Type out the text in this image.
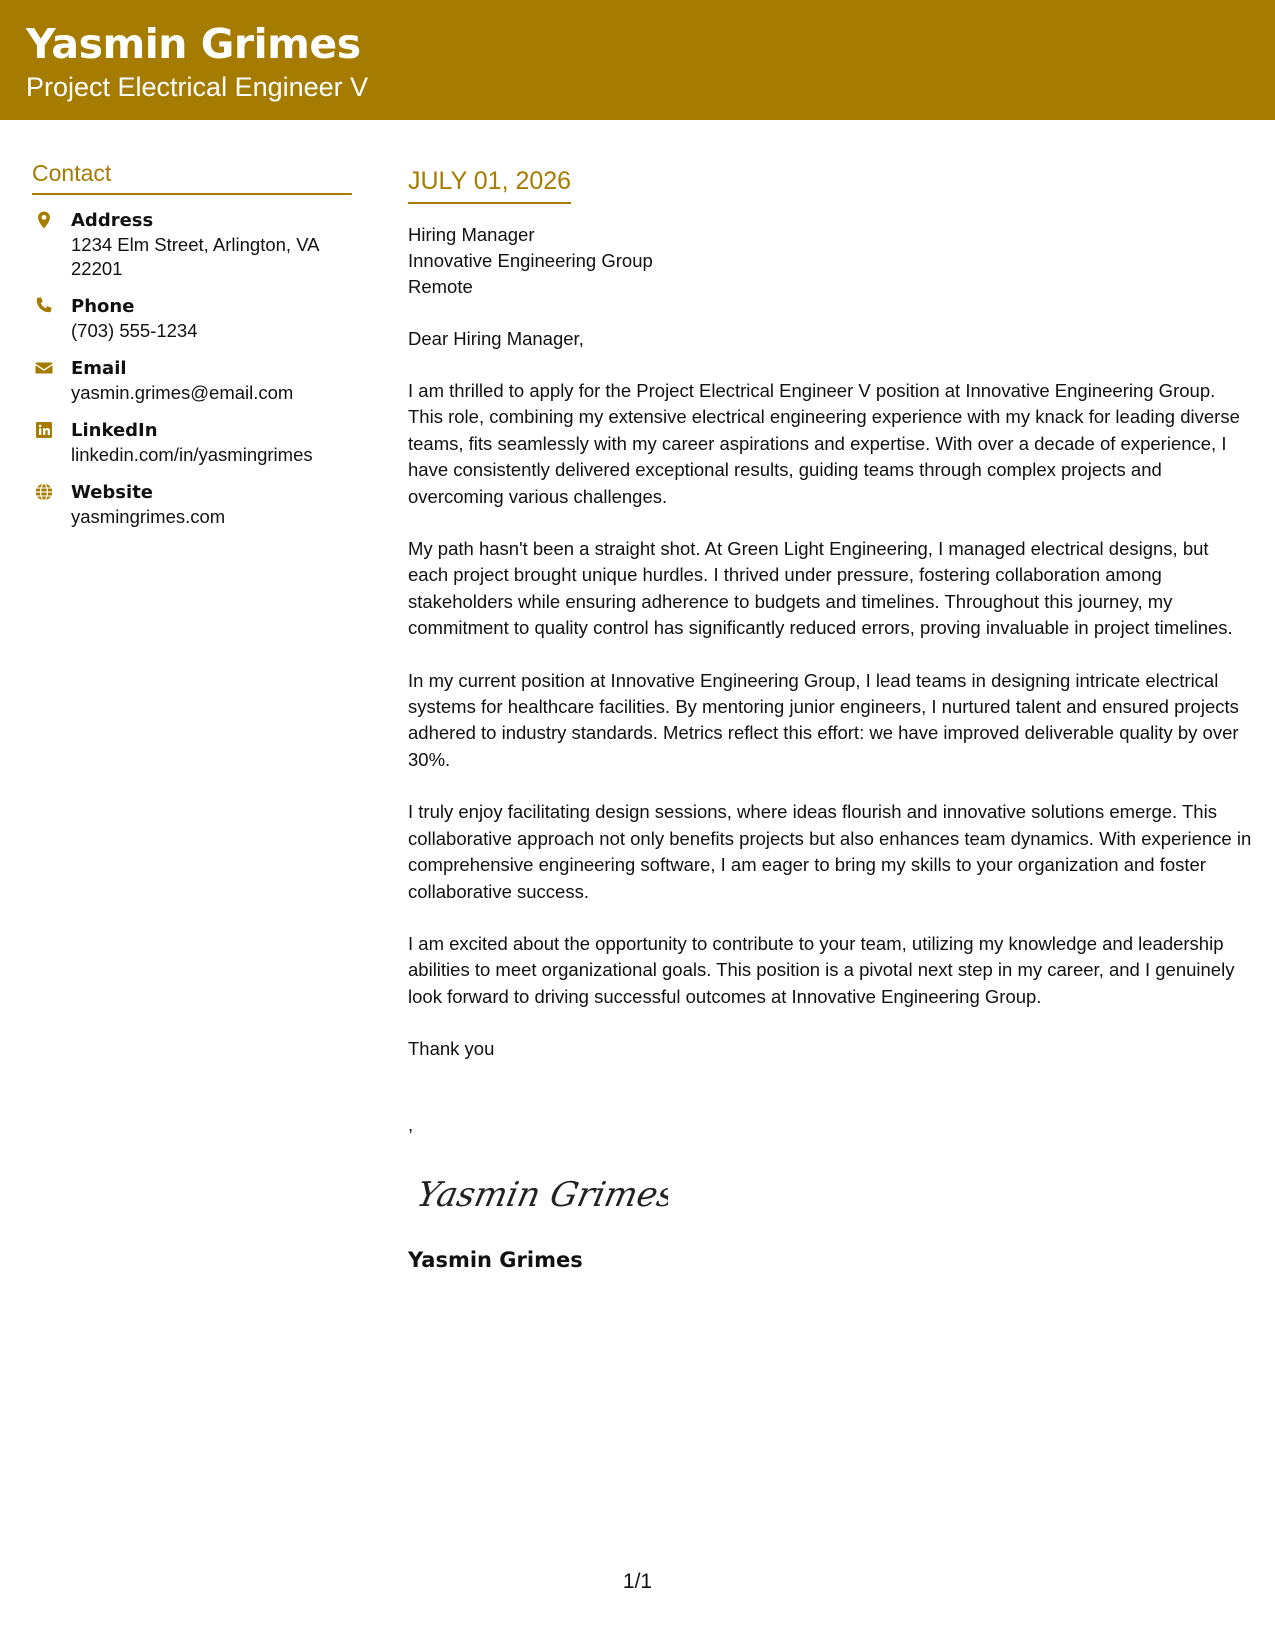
Yasmin Grimes
Project Electrical Engineer V
Contact
Address
1234 Elm Street, Arlington, VA 22201
Phone
(703) 555-1234
Email
yasmin.grimes@email.com
LinkedIn
linkedin.com/in/yasmingrimes
Website
yasmingrimes.com
JULY 01, 2026
Hiring Manager
Innovative Engineering Group
Remote
Dear Hiring Manager,
I am thrilled to apply for the Project Electrical Engineer V position at Innovative Engineering Group. This role, combining my extensive electrical engineering experience with my knack for leading diverse teams, fits seamlessly with my career aspirations and expertise. With over a decade of experience, I have consistently delivered exceptional results, guiding teams through complex projects and overcoming various challenges.
My path hasn't been a straight shot. At Green Light Engineering, I managed electrical designs, but each project brought unique hurdles. I thrived under pressure, fostering collaboration among stakeholders while ensuring adherence to budgets and timelines. Throughout this journey, my commitment to quality control has significantly reduced errors, proving invaluable in project timelines.
In my current position at Innovative Engineering Group, I lead teams in designing intricate electrical systems for healthcare facilities. By mentoring junior engineers, I nurtured talent and ensured projects adhered to industry standards. Metrics reflect this effort: we have improved deliverable quality by over 30%.
I truly enjoy facilitating design sessions, where ideas flourish and innovative solutions emerge. This collaborative approach not only benefits projects but also enhances team dynamics. With experience in comprehensive engineering software, I am eager to bring my skills to your organization and foster collaborative success.
I am excited about the opportunity to contribute to your team, utilizing my knowledge and leadership abilities to meet organizational goals. This position is a pivotal next step in my career, and I genuinely look forward to driving successful outcomes at Innovative Engineering Group.
Thank you
,
Yasmin Grimes
Yasmin Grimes
1/1
